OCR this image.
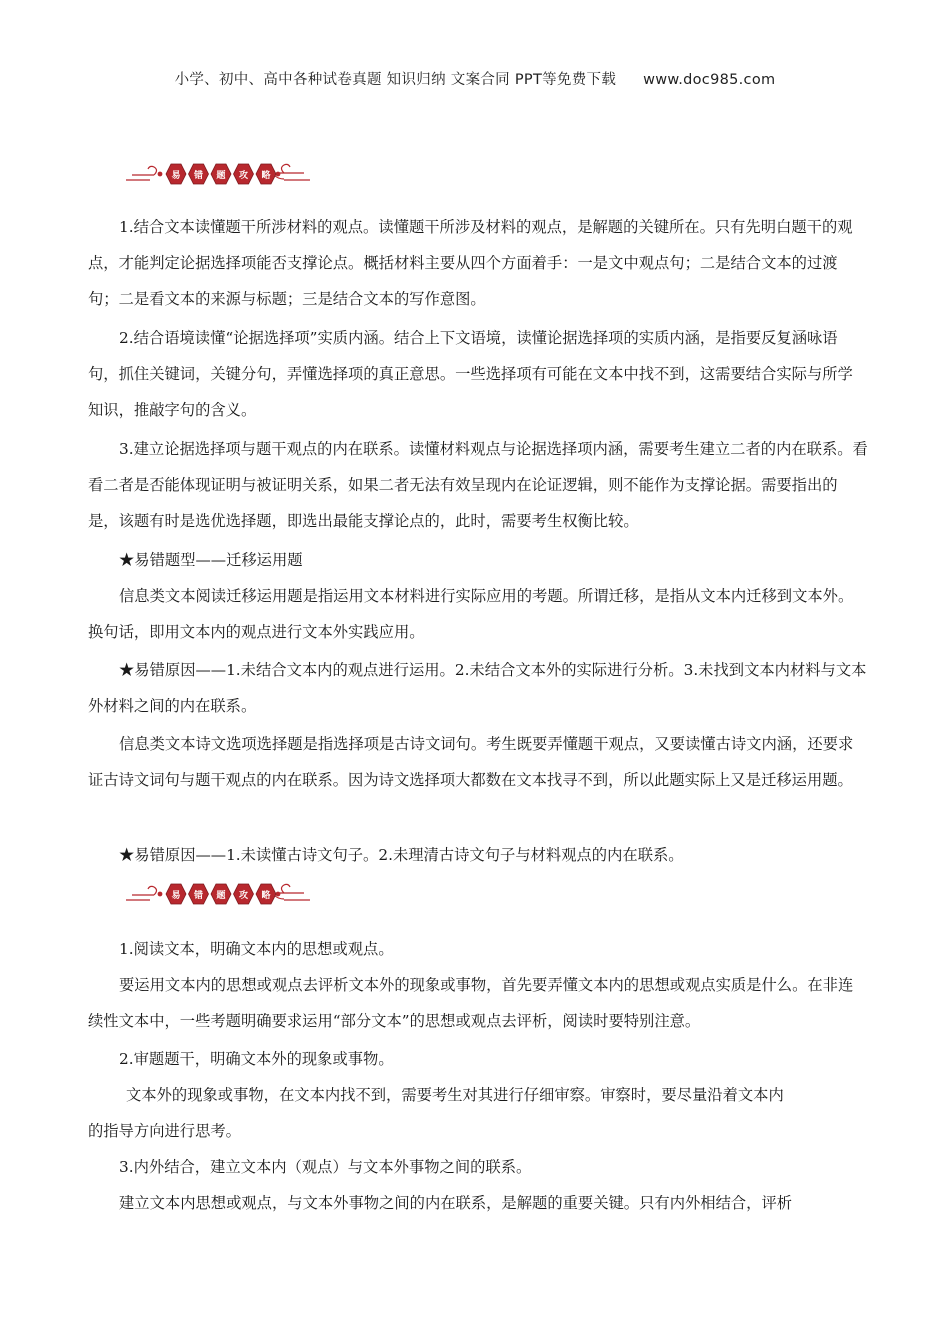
小学、初中、高中各种试卷真题 知识归纳 文案合同 PPT等免费下载 www.doc985.com
易	错	题	攻	略

1.结合文本读懂题干所涉材料的观点。读懂题干所涉及材料的观点，是解题的关键所在。只有先明白题干的观点，才能判定论据选择项能否支撑论点。概括材料主要从四个方面着手：一是文中观点句；二是结合文本的过渡句；二是看文本的来源与标题；三是结合文本的写作意图。

2.结合语境读懂“论据选择项”实质内涵。结合上下文语境，读懂论据选择项的实质内涵，是指要反复涵咏语句，抓住关键词，关键分句，弄懂选择项的真正意思。一些选择项有可能在文本中找不到，这需要结合实际与所学知识，推敲字句的含义。

3.建立论据选择项与题干观点的内在联系。读懂材料观点与论据选择项内涵，需要考生建立二者的内在联系。看看二者是否能体现证明与被证明关系，如果二者无法有效呈现内在论证逻辑，则不能作为支撑论据。需要指出的是，该题有时是选优选择题，即选出最能支撑论点的，此时，需要考生权衡比较。

★易错题型——迁移运用题

信息类文本阅读迁移运用题是指运用文本材料进行实际应用的考题。所谓迁移，是指从文本内迁移到文本外。换句话，即用文本内的观点进行文本外实践应用。

★易错原因——1.未结合文本内的观点进行运用。2.未结合文本外的实际进行分析。3.未找到文本内材料与文本外材料之间的内在联系。

信息类文本诗文选项选择题是指选择项是古诗文词句。考生既要弄懂题干观点，又要读懂古诗文内涵，还要求证古诗文词句与题干观点的内在联系。因为诗文选择项大都数在文本找寻不到，所以此题实际上又是迁移运用题。

★易错原因——1.未读懂古诗文句子。2.未理清古诗文句子与材料观点的内在联系。

易	错	题	攻	略

1.阅读文本，明确文本内的思想或观点。

要运用文本内的思想或观点去评析文本外的现象或事物，首先要弄懂文本内的思想或观点实质是什么。在非连续性文本中，一些考题明确要求运用“部分文本”的思想或观点去评析，阅读时要特别注意。

2.审题题干，明确文本外的现象或事物。

文本外的现象或事物，在文本内找不到，需要考生对其进行仔细审察。审察时，要尽量沿着文本内

的指导方向进行思考。

3.内外结合，建立文本内（观点）与文本外事物之间的联系。

建立文本内思想或观点，与文本外事物之间的内在联系，是解题的重要关键。只有内外相结合，评析
